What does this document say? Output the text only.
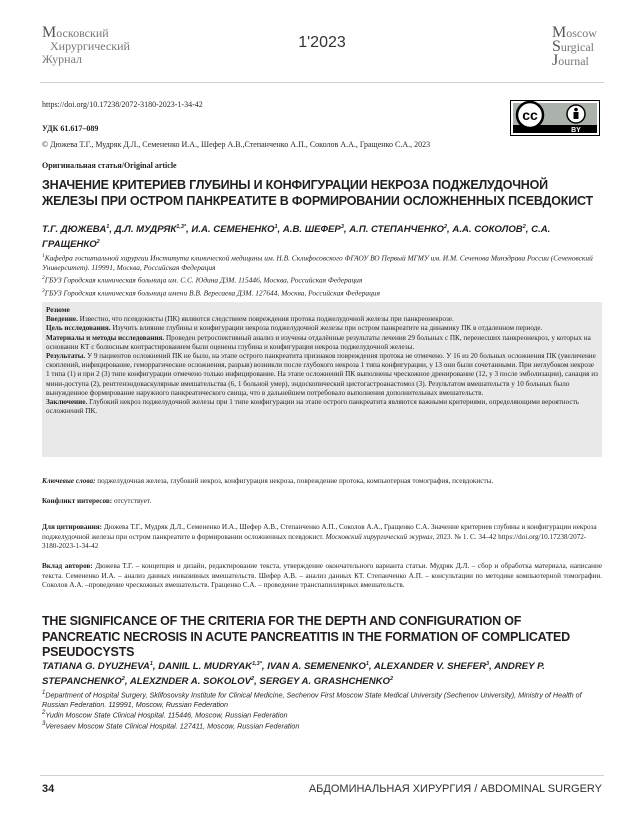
Московский
Хирургический
Журнал
1'2023
Moscow
Surgical
Journal
https://doi.org/10.17238/2072-3180-2023-1-34-42
УДК 61.617–089
© Дюжева Т.Г., Мудряк Д.Л., Семененко И.А., Шефер А.В.,Степанченко А.П., Соколов А.А., Гращенко С.А., 2023
cc
BY
Оригинальная статья/Original article
ЗНАЧЕНИЕ КРИТЕРИЕВ ГЛУБИНЫ И КОНФИГУРАЦИИ НЕКРОЗА ПОДЖЕЛУДОЧНОЙ ЖЕЛЕЗЫ ПРИ ОСТРОМ ПАНКРЕАТИТЕ В ФОРМИРОВАНИИ ОСЛОЖНЕННЫХ ПСЕВДОКИСТ
Т.Г. ДЮЖЕВА$^1$, Д.Л. $МУДРЯК^{1,3*}$, И.А. СЕМЕНЕНКО$^1$, А.В. ШЕФЕР$^3$, А.П. СТЕПАНЧЕНКО$^2$, А.А. СОКОЛОВ$^2$, С.А. ГРАЩЕНКО$^2$
$^1$Кафедра госпитальной хирургии Института клинической медицины им. Н.В. Склифосовского ФГАОУ ВО Первый МГМУ им. И.М. Сеченова Минздрава России (Сеченовский Университет). 119991, Москва, Российская Федерация
$^2$ГБУЗ Городская клиническая больница им. С.С. Юдина ДЗМ. 115446, Москва, Российская Федерация
$^3$ГБУЗ Городская клиническая больница имени В.В. Вересаева ДЗМ. 127644, Москва, Российская Федерация

Резюме

Введение. Известно, что псевдокисты (ПК) являются следствием повреждения протока поджелудочной железы при панкреонекрозе.

Цель исследования. Изучить влияние глубины и конфигурации некроза поджелудочной железы при остром панкреатите на динамику ПК в отдаленном периоде.

Материалы и методы исследования. Проведен ретроспективный анализ и изучены отдалённые результаты лечения 29 больных с ПК, перенесших панкреонекроз, у которых на основании КТ с болюсным контрастированием были оценены глубина и конфигурация некроза поджелудочной железы.

Результаты. У 9 пациентов осложнений ПК не было, на этапе острого панкреатита признаков повреждения протока не отмечено. У 16 из 20 больных осложнения ПК (увеличение скоплений, инфицирование, геморрагические осложнения, разрыв) возникли после глубокого некроза 1 типа конфигурации, у 13 они были сочетанными. При неглубоком некрозе 1 типа (1) и при 2 (3) типе конфигурации отмечено только инфицирование. На этапе осложнений ПК выполнены чрескожное дренирование (12, у 3 после эмболизации), санация из мини-доступа (2), рентгенэндоваскулярные вмешательства (6, 1 больной умер), эндоскопический цистогастроанастомоз (3). Результатом вмешательств у 10 больных было вынужденное формирование наружного панкреатического свища, что в дальнейшем потребовало выполнения дополнительных вмешательств.

Заключение. Глубокий некроз поджелудочной железы при 1 типе конфигурации на этапе острого панкреатита являются важными критериями, определяющими вероятность осложнений ПК.

Ключевые слова: поджелудочная железа, глубокий некроз, конфигурация некроза, повреждение протока, компьютерная томография, псевдокисты.
Конфликт интересов: отсутствует.
Для цитирования: Дюжева Т.Г., Мудряк Д.Л., Семененко И.А., Шефер А.В., Степанченко А.П., Соколов А.А., Гращенко С.А. Значение критериев глубины и конфигурации некроза поджелудочной железы при остром панкреатите в формировании осложненных псевдокист. Московский хирургический журнал, 2023. № 1. С. 34–42 https://doi.org/10.17238/2072-3180-2023-1-34-42
Вклад авторов: Дюжева Т.Г. – концепция и дизайн, редактирование текста, утверждение окончательного варианта статьи. Мудряк Д.Л. – сбор и обработка материала, написание текста. Семененко И.А. – анализ данных инвазивных вмешательств. Шефер А.В. – анализ данных КТ. Степанченко А.П. – консультации по методике компьютерной томографии. Соколов А.А. –проведение чрескожных вмешательств. Гращенко С.А. – проведение транспапиллярных вмешательств.
THE SIGNIFICANCE OF THE CRITERIA FOR THE DEPTH AND CONFIGURATION OF PANCREATIC NECROSIS IN ACUTE PANCREATITIS IN THE FORMATION OF COMPLICATED PSEUDOCYSTS
TATIANA G. DYUZHEVA$^1$, DANIIL L. $MUDRYAK^{1,3*}$, IVAN A. SEMENENKO$^1$, ALEXANDER V. SHEFER$^3$, ANDREY P. STEPANCHENKO$^2$, ALEXZNDER A. SOKOLOV$^2$, SERGEY A. GRASHCHENKO$^2$
$^1$Department of Hospital Surgery, Sklifosovsky Institute for Clinical Medicine, Sechenov First Moscow State Medical University (Sechenov University), Ministry of Health of Russian Federation. 119991, Moscow, Russian Federation
$^2$Yudin Moscow State Clinical Hospital. 115446, Moscow, Russian Federation
$^3$Veresaev Moscow State Clinical Hospital. 127411, Moscow, Russian Federation
34	АБДОМИНАЛЬНАЯ ХИРУРГИЯ / ABDOMINAL SURGERY
